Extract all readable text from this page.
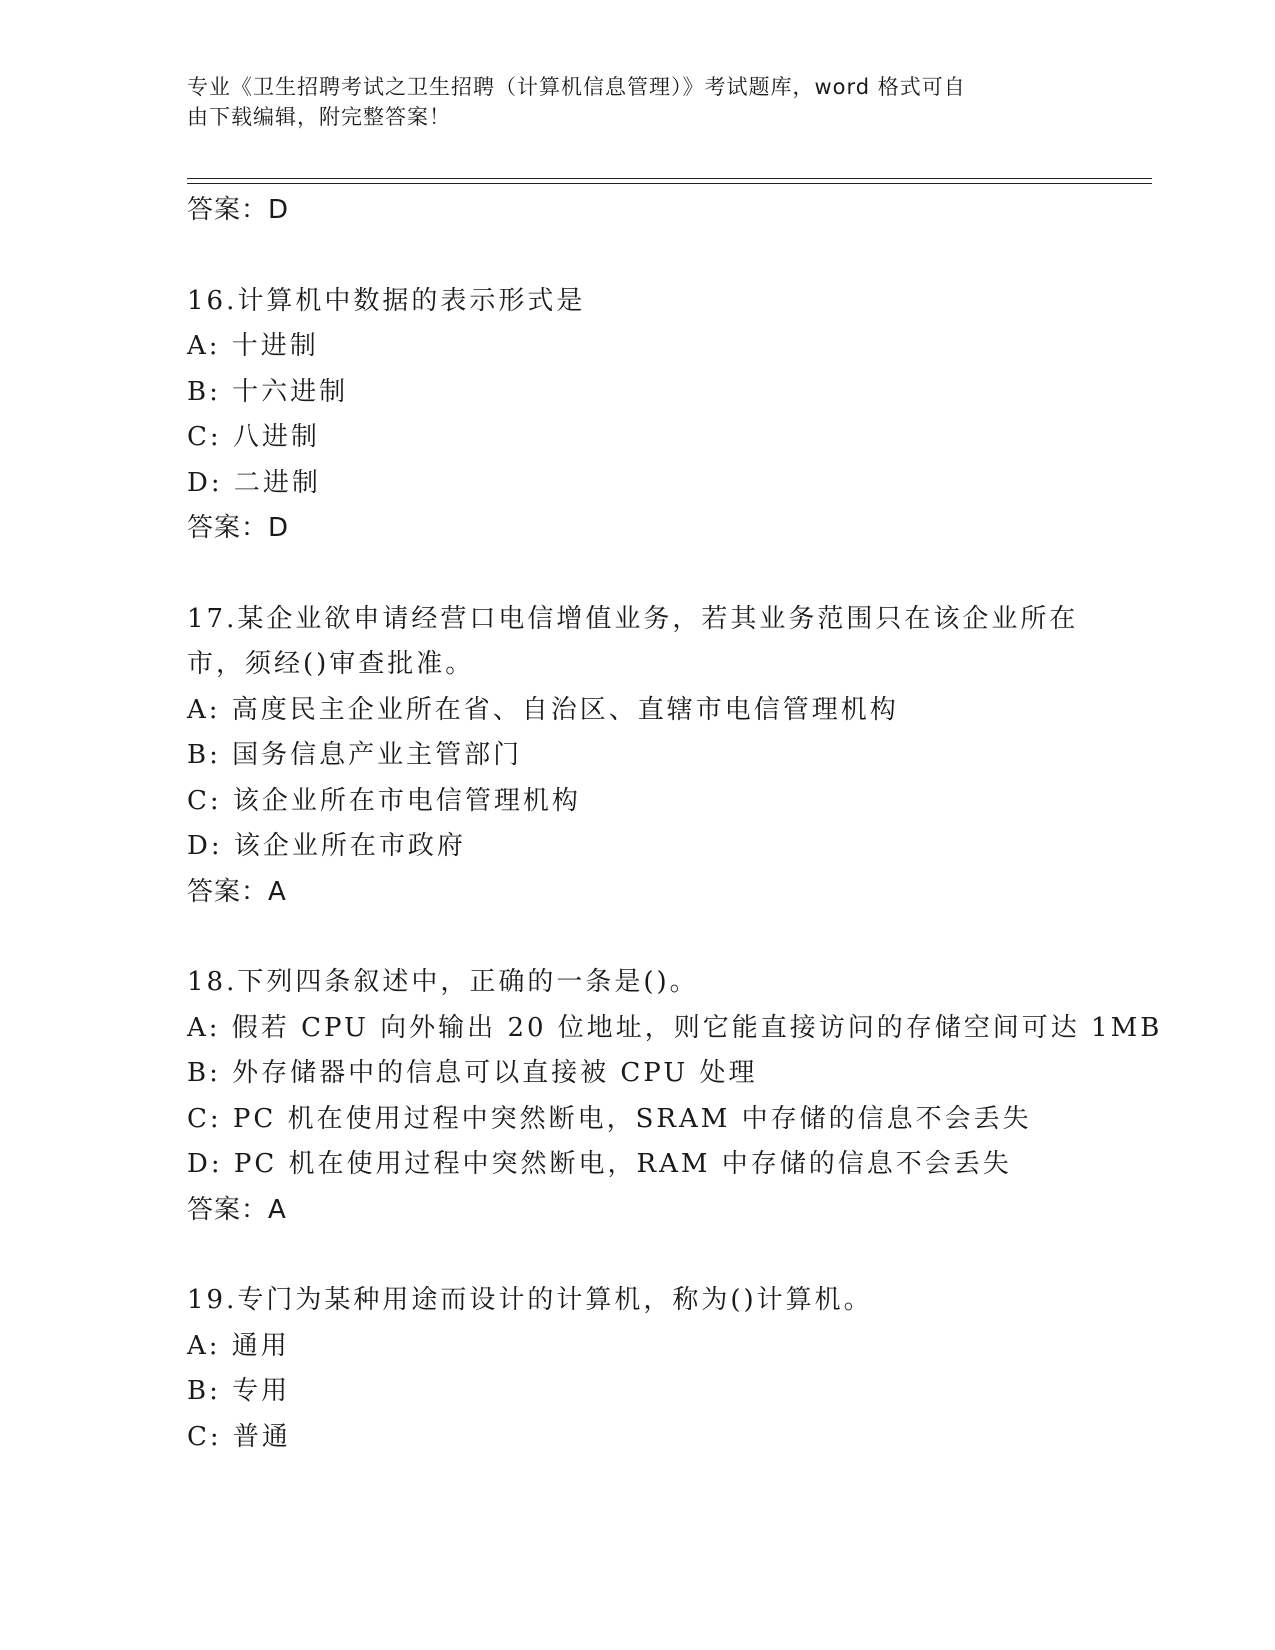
专业《卫生招聘考试之卫生招聘（计算机信息管理）》考试题库，word 格式可自

由下载编辑，附完整答案！

答案：D
16.计算机中数据的表示形式是
A: 十进制
B: 十六进制
C: 八进制
D: 二进制
答案：D
17.某企业欲申请经营口电信增值业务，若其业务范围只在该企业所在
市，须经()审查批准。
A: 高度民主企业所在省、自治区、直辖市电信管理机构
B: 国务信息产业主管部门
C: 该企业所在市电信管理机构
D: 该企业所在市政府
答案：A
18.下列四条叙述中，正确的一条是()。
A: 假若 CPU 向外输出 20 位地址，则它能直接访问的存储空间可达 1MB
B: 外存储器中的信息可以直接被 CPU 处理
C: PC 机在使用过程中突然断电，SRAM 中存储的信息不会丢失
D: PC 机在使用过程中突然断电，RAM 中存储的信息不会丢失
答案：A
19.专门为某种用途而设计的计算机，称为()计算机。
A: 通用
B: 专用
C: 普通
